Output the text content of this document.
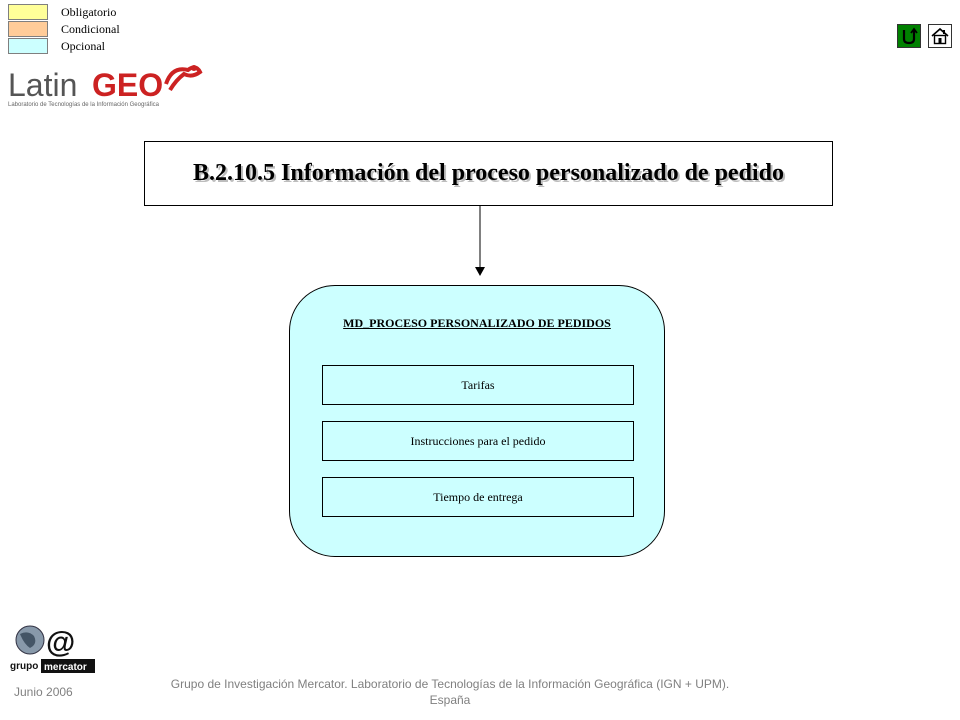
Obligatorio
Condicional
Opcional
Latin GEO
Laboratorio de Tecnologías de la Información Geográfica
B.2.10.5 Información del proceso personalizado de pedido
MD_PROCESO PERSONALIZADO DE PEDIDOS
Tarifas
Instrucciones para el pedido
Tiempo de entrega
@
grupo mercator
Junio 2006
Grupo de Investigación Mercator. Laboratorio de Tecnologías de la Información Geográfica (IGN + UPM).
España
